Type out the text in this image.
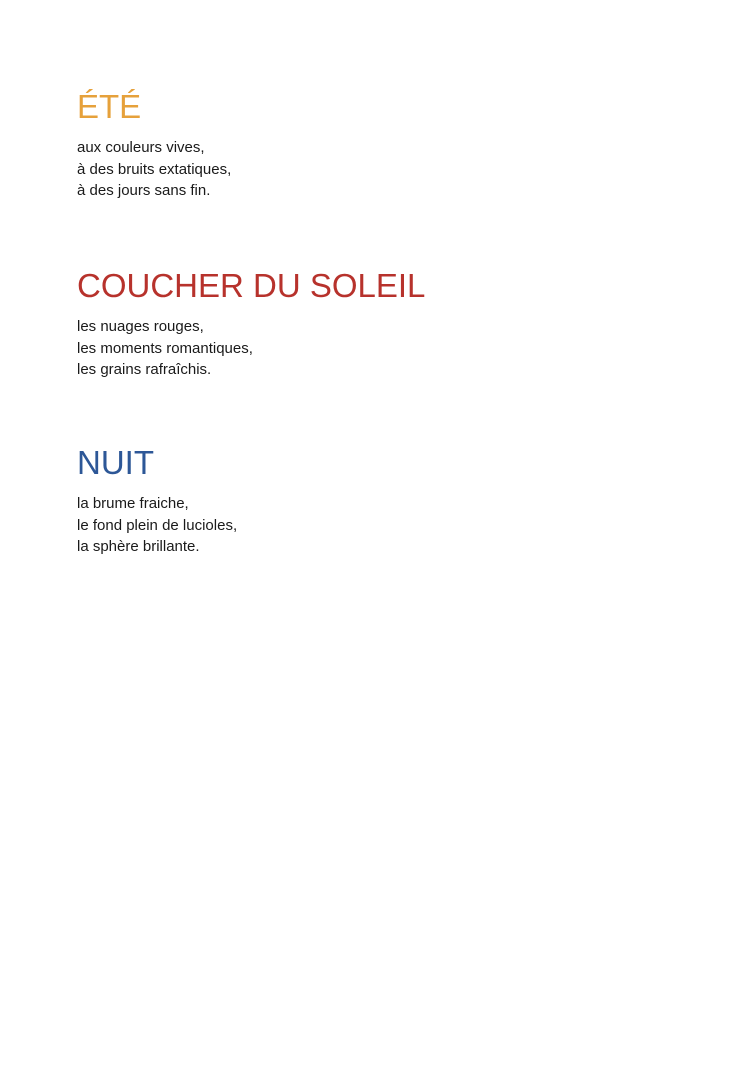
ÉTÉ
aux couleurs vives,
à des bruits extatiques,
à des jours sans fin.
COUCHER DU SOLEIL
les nuages rouges,
les moments romantiques,
les grains rafraîchis.
NUIT
la brume fraiche,
le fond plein de lucioles,
la sphère brillante.
